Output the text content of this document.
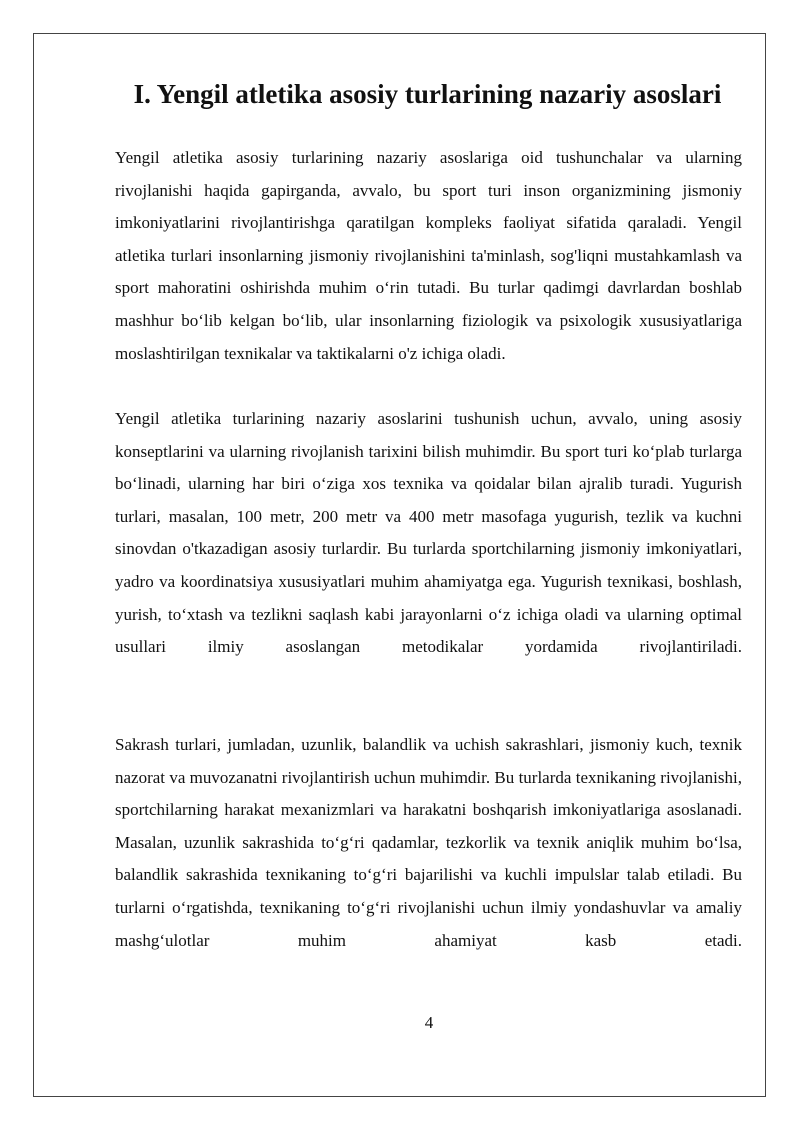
I. Yengil atletika asosiy turlarining nazariy asoslari

Yengil atletika asosiy turlarining nazariy asoslariga oid tushunchalar va ularning rivojlanishi haqida gapirganda, avvalo, bu sport turi inson organizmining jismoniy imkoniyatlarini rivojlantirishga qaratilgan kompleks faoliyat sifatida qaraladi. Yengil atletika turlari insonlarning jismoniy rivojlanishini ta'minlash, sog'liqni mustahkamlash va sport mahoratini oshirishda muhim o‘rin tutadi. Bu turlar qadimgi davrlardan boshlab mashhur bo‘lib kelgan bo‘lib, ular insonlarning fiziologik va psixologik xususiyatlariga moslashtirilgan texnikalar va taktikalarni o'z ichiga oladi.

Yengil atletika turlarining nazariy asoslarini tushunish uchun, avvalo, uning asosiy konseptlarini va ularning rivojlanish tarixini bilish muhimdir. Bu sport turi ko‘plab turlarga bo‘linadi, ularning har biri o‘ziga xos texnika va qoidalar bilan ajralib turadi. Yugurish turlari, masalan, 100 metr, 200 metr va 400 metr masofaga yugurish, tezlik va kuchni sinovdan o'tkazadigan asosiy turlardir. Bu turlarda sportchilarning jismoniy imkoniyatlari, yadro va koordinatsiya xususiyatlari muhim ahamiyatga ega. Yugurish texnikasi, boshlash, yurish, to‘xtash va tezlikni saqlash kabi jarayonlarni o‘z ichiga oladi va ularning optimal usullari ilmiy asoslangan metodikalar yordamida rivojlantiriladi.

Sakrash turlari, jumladan, uzunlik, balandlik va uchish sakrashlari, jismoniy kuch, texnik nazorat va muvozanatni rivojlantirish uchun muhimdir. Bu turlarda texnikaning rivojlanishi, sportchilarning harakat mexanizmlari va harakatni boshqarish imkoniyatlariga asoslanadi. Masalan, uzunlik sakrashida to‘g‘ri qadamlar, tezkorlik va texnik aniqlik muhim bo‘lsa, balandlik sakrashida texnikaning to‘g‘ri bajarilishi va kuchli impulslar talab etiladi. Bu turlarni o‘rgatishda, texnikaning to‘g‘ri rivojlanishi uchun ilmiy yondashuvlar va amaliy mashg‘ulotlar muhim ahamiyat kasb etadi.

4
